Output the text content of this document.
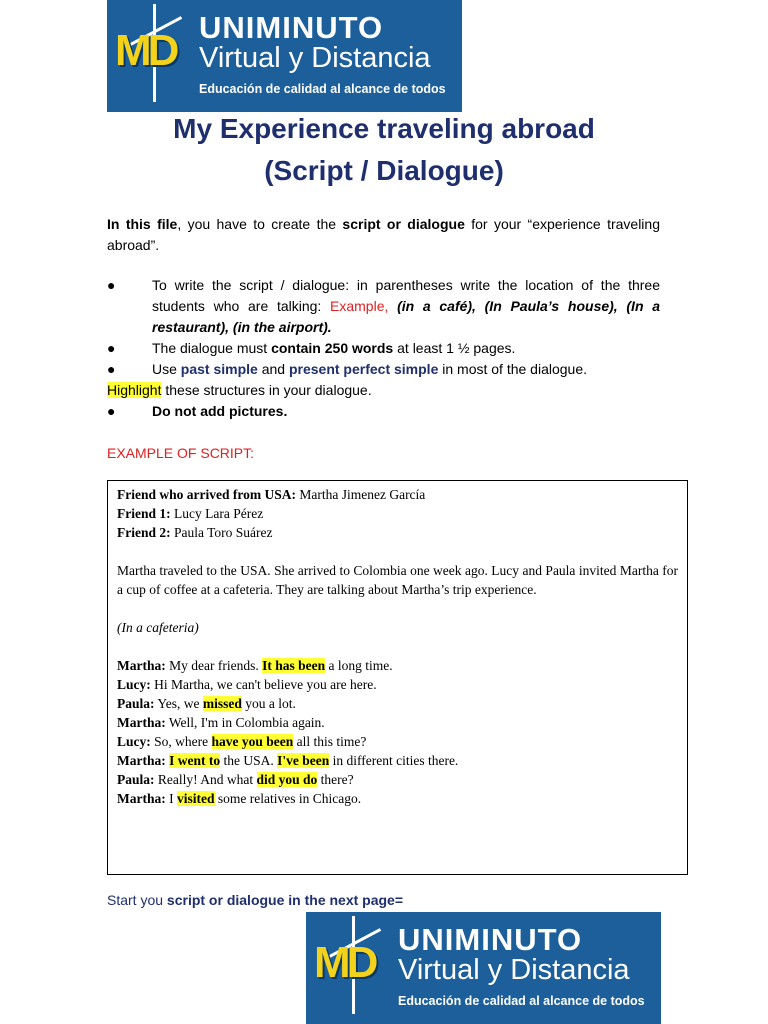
MD UNIMINUTO
Virtual y Distancia
Educación de calidad al alcance de todos
My Experience traveling abroad
(Script / Dialogue)
In this file, you have to create the script or dialogue for your “experience traveling abroad”.
●	To write the script / dialogue: in parentheses write the location of the three students who are talking: Example, (in a café), (In Paula’s house), (In a restaurant), (in the airport).
●	The dialogue must contain 250 words at least 1 ½ pages.
●	Use past simple and present perfect simple in most of the dialogue.
Highlight these structures in your dialogue.
●	Do not add pictures.
EXAMPLE OF SCRIPT:
Friend who arrived from USA: Martha Jimenez García
Friend 1: Lucy Lara Pérez
Friend 2: Paula Toro Suárez
Martha traveled to the USA. She arrived to Colombia one week ago. Lucy and Paula invited Martha for a cup of coffee at a cafeteria. They are talking about Martha’s trip experience.
(In a cafeteria)
Martha: My dear friends. It has been a long time.
Lucy: Hi Martha, we can't believe you are here.
Paula: Yes, we missed you a lot.
Martha: Well, I'm in Colombia again.
Lucy: So, where have you been all this time?
Martha: I went to the USA. I've been in different cities there.
Paula: Really! And what did you do there?
Martha: I visited some relatives in Chicago.
Start you script or dialogue in the next page=
MD UNIMINUTO
Virtual y Distancia
Educación de calidad al alcance de todos
